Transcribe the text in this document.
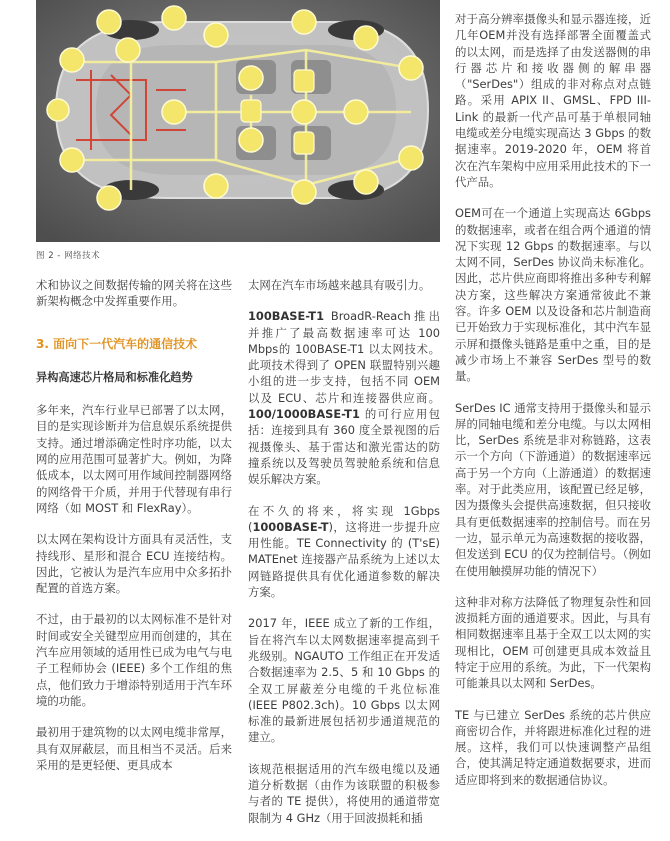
图 2 - 网络技术

术和协议之间数据传输的网关将在这些新架构概念中发挥重要作用。

3. 面向下一代汽车的通信技术
异构高速芯片格局和标准化趋势

多年来，汽车行业早已部署了以太网，目的是实现诊断并为信息娱乐系统提供支持。通过增添确定性时序功能，以太网的应用范围可显著扩大。例如，为降低成本，以太网可用作域间控制器网络的网络骨干介质，并用于代替现有串行网络（如 MOST 和 FlexRay）。

以太网在架构设计方面具有灵活性，支持线形、星形和混合 ECU 连接结构。因此，它被认为是汽车应用中众多拓扑配置的首选方案。

不过，由于最初的以太网标准不是针对时间或安全关键型应用而创建的，其在汽车应用领域的适用性已成为电气与电子工程师协会 (IEEE) 多个工作组的焦点，他们致力于增添特别适用于汽车环境的功能。

最初用于建筑物的以太网电缆非常厚，具有双屏蔽层，而且相当不灵活。后来采用的是更轻便、更具成本

太网在汽车市场越来越具有吸引力。

100BASE-T1 BroadR-Reach推出并推广了最高数据速率可达 100 Mbps的 100BASE-T1 以太网技术。此项技术得到了 OPEN 联盟特别兴趣小组的进一步支持，包括不同 OEM 以及 ECU、芯片和连接器供应商。100/1000BASE-T1 的可行应用包括：连接到具有 360 度全景视图的后视摄像头、基于雷达和激光雷达的防撞系统以及驾驶员驾驶舱系统和信息娱乐解决方案。

在不久的将来，将实现 1Gbps (1000BASE-T)，这将进一步提升应用性能。TE Connectivity 的 (T'sE) MATEnet 连接器产品系统为上述以太网链路提供具有优化通道参数的解决方案。

2017 年，IEEE 成立了新的工作组，旨在将汽车以太网数据速率提高到千兆级别。NGAUTO 工作组正在开发适合数据速率为 2.5、5 和 10 Gbps 的全双工屏蔽差分电缆的千兆位标准 (IEEE P802.3ch)。10 Gbps 以太网标准的最新进展包括初步通道规范的建立。

该规范根据适用的汽车级电缆以及通道分析数据（由作为该联盟的积极参与者的 TE 提供），将使用的通道带宽限制为 4 GHz（用于回波损耗和插

对于高分辨率摄像头和显示器连接，近几年OEM并没有选择部署全面覆盖式的以太网，而是选择了由发送器侧的串行器芯片和接收器侧的解串器（"SerDes"）组成的非对称点对点链路。采用 APIX II、GMSL、FPD III-Link 的最新一代产品可基于单根同轴电缆或差分电缆实现高达 3 Gbps 的数据速率。2019-2020 年，OEM 将首次在汽车架构中应用采用此技术的下一代产品。

OEM可在一个通道上实现高达 6Gbps的数据速率，或者在组合两个通道的情况下实现 12 Gbps 的数据速率。与以太网不同，SerDes 协议尚未标准化。因此，芯片供应商即将推出多种专利解决方案，这些解决方案通常彼此不兼容。许多 OEM 以及设备和芯片制造商已开始致力于实现标准化，其中汽车显示屏和摄像头链路是重中之重，目的是减少市场上不兼容 SerDes 型号的数量。

SerDes IC 通常支持用于摄像头和显示屏的同轴电缆和差分电缆。与以太网相比，SerDes 系统是非对称链路，这表示一个方向（下游通道）的数据速率远高于另一个方向（上游通道）的数据速率。对于此类应用，该配置已经足够，因为摄像头会提供高速数据，但只接收具有更低数据速率的控制信号。而在另一边，显示单元为高速数据的接收器，但发送到 ECU 的仅为控制信号。（例如在使用触摸屏功能的情况下）

这种非对称方法降低了物理复杂性和回波损耗方面的通道要求。因此，与具有相同数据速率且基于全双工以太网的实现相比，OEM 可创建更具成本效益且特定于应用的系统。为此，下一代架构可能兼具以太网和 SerDes。

TE 与已建立 SerDes 系统的芯片供应商密切合作，并将跟进标准化过程的进展。这样，我们可以快速调整产品组合，使其满足特定通道数据要求，进而适应即将到来的数据通信协议。
